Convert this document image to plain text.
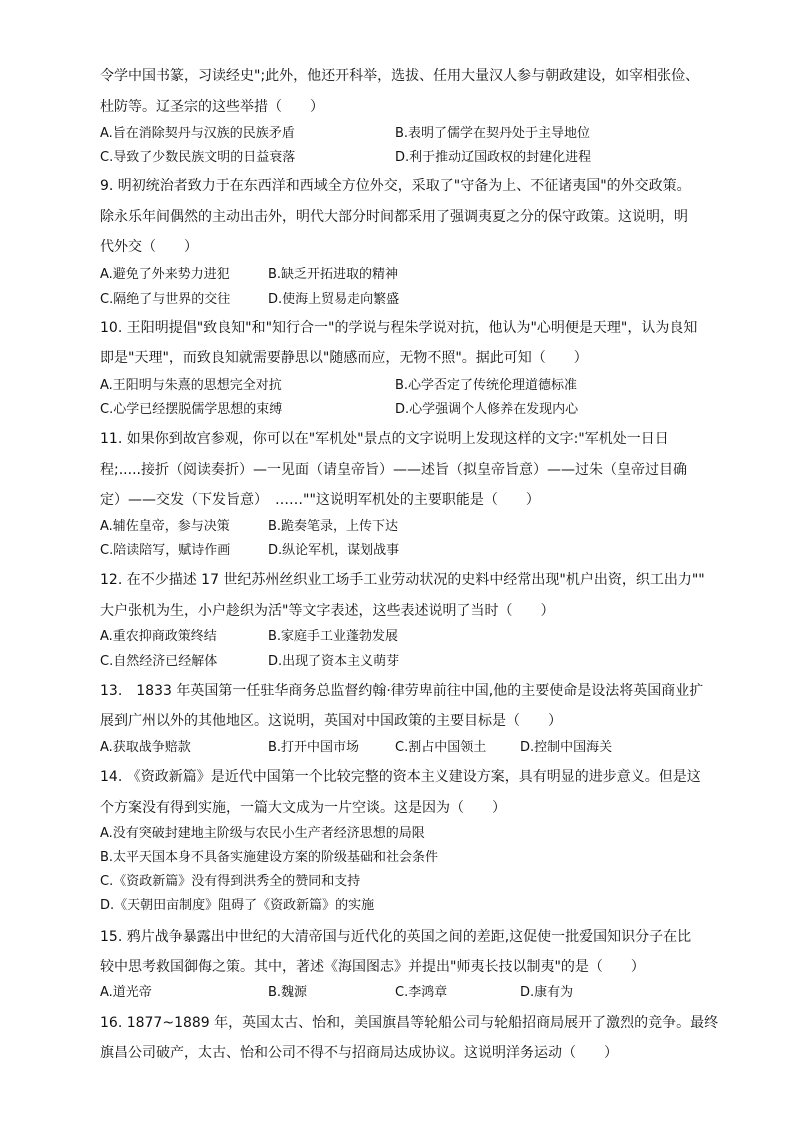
令学中国书篆，习读经史";此外，他还开科举，选拔、任用大量汉人参与朝政建设，如宰相张俭、
杜防等。辽圣宗的这些举措（　　）
9. 明初统治者致力于在东西洋和西域全方位外交，采取了"守备为上、不征诸夷国"的外交政策。
除永乐年间偶然的主动出击外，明代大部分时间都采用了强调夷夏之分的保守政策。这说明，明
代外交（　　）
10. 王阳明提倡"致良知"和"知行合一"的学说与程朱学说对抗，他认为"心明便是天理"，认为良知
即是"天理"，而致良知就需要静思以"随感而应，无物不照"。据此可知（　　）
11. 如果你到故宫参观，你可以在"军机处"景点的文字说明上发现这样的文字:"军机处一日日
程;.....接折（阅读奏折）—一见面（请皇帝旨）——述旨（拟皇帝旨意）——过朱（皇帝过目确
定）——交发（下发旨意）　……""这说明军机处的主要职能是（　　）
12. 在不少描述 17 世纪苏州丝织业工场手工业劳动状况的史料中经常出现"机户出资，织工出力""
大户张机为生，小户趁织为活"等文字表述，这些表述说明了当时（　　）
13.　1833 年英国第一任驻华商务总监督约翰·律劳卑前往中国,他的主要使命是设法将英国商业扩
展到广州以外的其他地区。这说明，英国对中国政策的主要目标是（　　）
14. 《资政新篇》是近代中国第一个比较完整的资本主义建设方案，具有明显的进步意义。但是这
个方案没有得到实施，一篇大文成为一片空谈。这是因为（　　）
15. 鸦片战争暴露出中世纪的大清帝国与近代化的英国之间的差距,这促使一批爱国知识分子在比
较中思考救国御侮之策。其中，著述《海国图志》并提出"师夷长技以制夷"的是（　　）
16. 1877~1889 年，英国太古、怡和，美国旗昌等轮船公司与轮船招商局展开了激烈的竞争。最终
旗昌公司破产，太古、怡和公司不得不与招商局达成协议。这说明洋务运动（　　）
A.旨在消除契丹与汉族的民族矛盾	B.表明了儒学在契丹处于主导地位
C.导致了少数民族文明的日益衰落	D.利于推动辽国政权的封建化进程
A.避免了外来势力进犯	B.缺乏开拓进取的精神
C.隔绝了与世界的交往	D.使海上贸易走向繁盛
A.王阳明与朱熹的思想完全对抗	B.心学否定了传统伦理道德标准
C.心学已经摆脱儒学思想的束缚	D.心学强调个人修养在发现内心
A.辅佐皇帝，参与决策	B.跪奏笔录，上传下达
C.陪读陪写，赋诗作画	D.纵论军机，谋划战事
A.重农抑商政策终结	B.家庭手工业蓬勃发展
C.自然经济已经解体	D.出现了资本主义萌芽
A.获取战争赔款	B.打开中国市场	C.割占中国领土	D.控制中国海关
A.没有突破封建地主阶级与农民小生产者经济思想的局限
B.太平天国本身不具备实施建设方案的阶级基础和社会条件
C.《资政新篇》没有得到洪秀全的赞同和支持
D.《天朝田亩制度》阻碍了《资政新篇》的实施
A.道光帝	B.魏源	C.李鸿章	D.康有为
